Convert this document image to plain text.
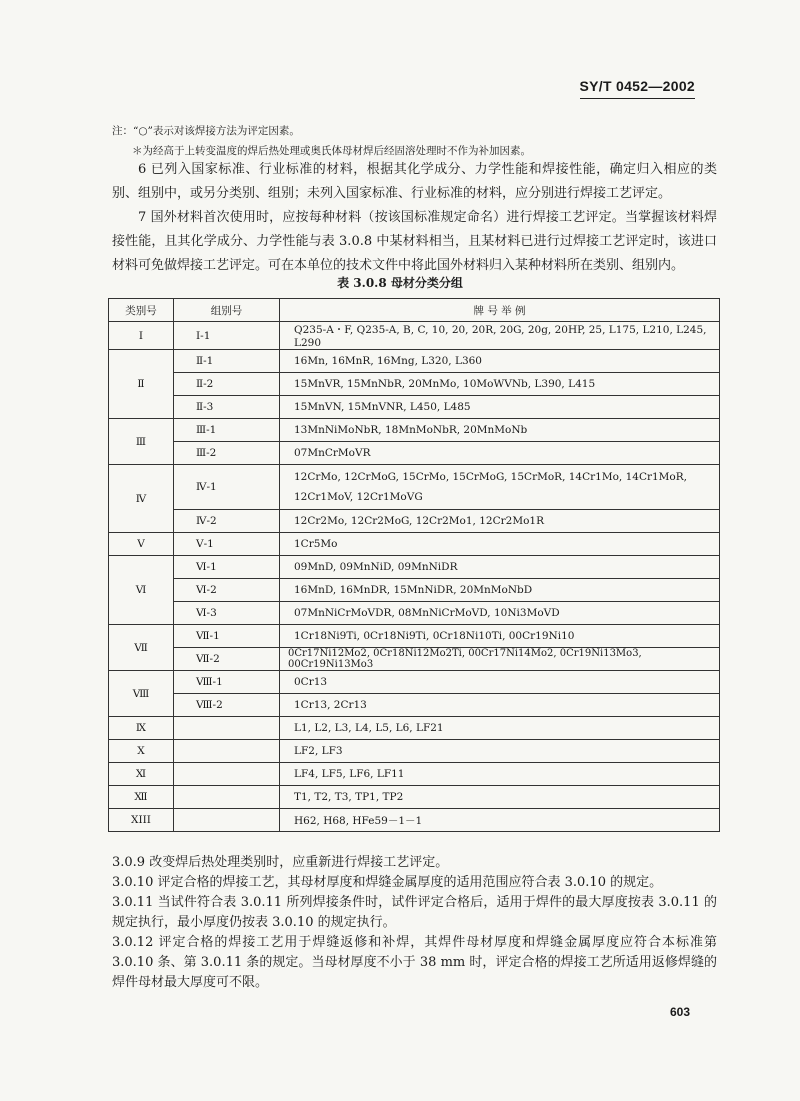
SY/T 0452—2002
注：“○”表示对该焊接方法为评定因素。
＊为经高于上转变温度的焊后热处理或奥氏体母材焊后经固溶处理时不作为补加因素。

6 已列入国家标准、行业标准的材料，根据其化学成分、力学性能和焊接性能，确定归入相应的类别、组别中，或另分类别、组别；未列入国家标准、行业标准的材料，应分别进行焊接工艺评定。

7 国外材料首次使用时，应按每种材料（按该国标准规定命名）进行焊接工艺评定。当掌握该材料焊接性能，且其化学成分、力学性能与表 3.0.8 中某材料相当，且某材料已进行过焊接工艺评定时，该进口材料可免做焊接工艺评定。可在本单位的技术文件中将此国外材料归入某种材料所在类别、组别内。

表 3.0.8 母材分类分组
类别号	组别号	牌 号 举 例
Ⅰ	Ⅰ-1	Q235-A・F, Q235-A, B, C, 10, 20, 20R, 20G, 20g, 20HP, 25, L175, L210, L245, L290
Ⅱ	Ⅱ-1	16Mn, 16MnR, 16Mng, L320, L360
	Ⅱ-2	15MnVR, 15MnNbR, 20MnMo, 10MoWVNb, L390, L415
	Ⅱ-3	15MnVN, 15MnVNR, L450, L485
Ⅲ	Ⅲ-1	13MnNiMoNbR, 18MnMoNbR, 20MnMoNb
	Ⅲ-2	07MnCrMoVR
Ⅳ	Ⅳ-1	12CrMo, 12CrMoG, 15CrMo, 15CrMoG, 15CrMoR, 14Cr1Mo, 14Cr1MoR,
12Cr1MoV, 12Cr1MoVG

	Ⅳ-2	12Cr2Mo, 12Cr2MoG, 12Cr2Mo1, 12Cr2Mo1R
Ⅴ	Ⅴ-1	1Cr5Mo
Ⅵ	Ⅵ-1	09MnD, 09MnNiD, 09MnNiDR
	Ⅵ-2	16MnD, 16MnDR, 15MnNiDR, 20MnMoNbD
	Ⅵ-3	07MnNiCrMoVDR, 08MnNiCrMoVD, 10Ni3MoVD
Ⅶ	Ⅶ-1	1Cr18Ni9Ti, 0Cr18Ni9Ti, 0Cr18Ni10Ti, 00Cr19Ni10
	Ⅶ-2	0Cr17Ni12Mo2, 0Cr18Ni12Mo2Ti, 00Cr17Ni14Mo2, 0Cr19Ni13Mo3, 00Cr19Ni13Mo3
Ⅷ	Ⅷ-1	0Cr13
	Ⅷ-2	1Cr13, 2Cr13
Ⅸ		L1, L2, L3, L4, L5, L6, LF21
Ⅹ		LF2, LF3
Ⅺ		LF4, LF5, LF6, LF11
Ⅻ		T1, T2, T3, TP1, TP2
XIII		H62, H68, HFe59－1－1

3.0.9 改变焊后热处理类别时，应重新进行焊接工艺评定。

3.0.10 评定合格的焊接工艺，其母材厚度和焊缝金属厚度的适用范围应符合表 3.0.10 的规定。

3.0.11 当试件符合表 3.0.11 所列焊接条件时，试件评定合格后，适用于焊件的最大厚度按表 3.0.11 的规定执行，最小厚度仍按表 3.0.10 的规定执行。

3.0.12 评定合格的焊接工艺用于焊缝返修和补焊，其焊件母材厚度和焊缝金属厚度应符合本标准第 3.0.10 条、第 3.0.11 条的规定。当母材厚度不小于 38 mm 时，评定合格的焊接工艺所适用返修焊缝的焊件母材最大厚度可不限。

603
